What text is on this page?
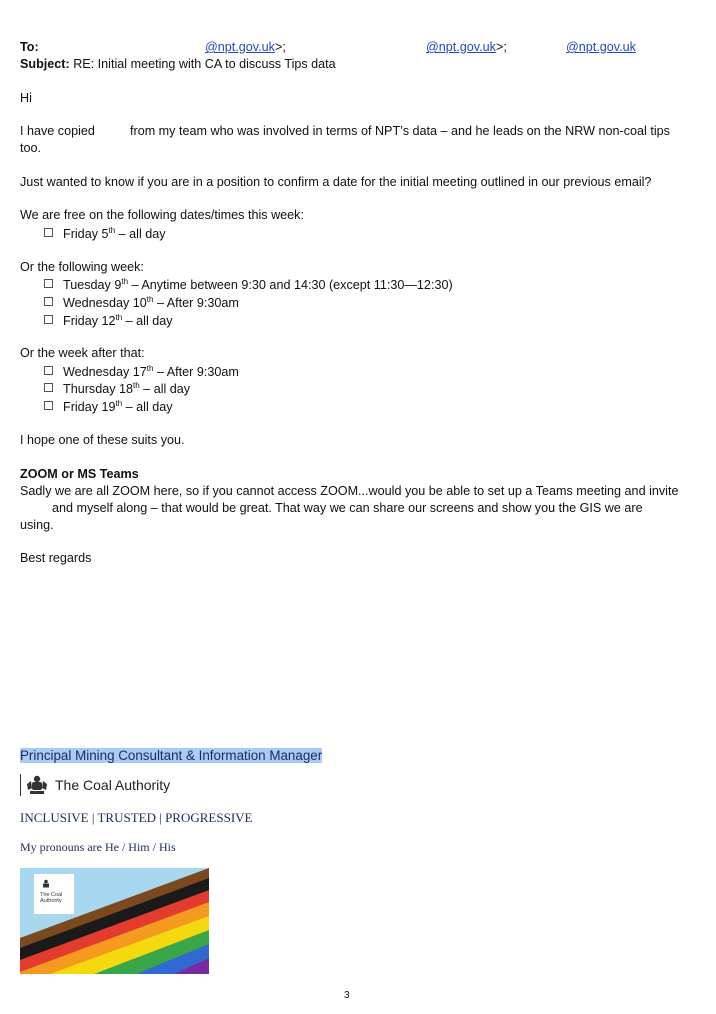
To:	@npt.gov.uk>;	@npt.gov.uk>;	@npt.gov.uk
Subject: RE: Initial meeting with CA to discuss Tips data
Hi
I have copied	from my team who was involved in terms of NPT’s data – and he leads on the NRW non-coal tips
too.
Just wanted to know if you are in a position to confirm a date for the initial meeting outlined in our previous email?
We are free on the following dates/times this week:
Friday 5th – all day
Or the following week:
Tuesday 9th – Anytime between 9:30 and 14:30 (except 11:30—12:30)
Wednesday 10th – After 9:30am
Friday 12th – all day
Or the week after that:
Wednesday 17th – After 9:30am
Thursday 18th – all day
Friday 19th – all day
I hope one of these suits you.
ZOOM or MS Teams
Sadly we are all ZOOM here, so if you cannot access ZOOM...would you be able to set up a Teams meeting and invite
and myself along – that would be great. That way we can share our screens and show you the GIS we are
using.
Best regards
Principal Mining Consultant & Information Manager
The Coal Authority
INCLUSIVE | TRUSTED | PROGRESSIVE
My pronouns are He / Him / His
The Coal Authority
3
